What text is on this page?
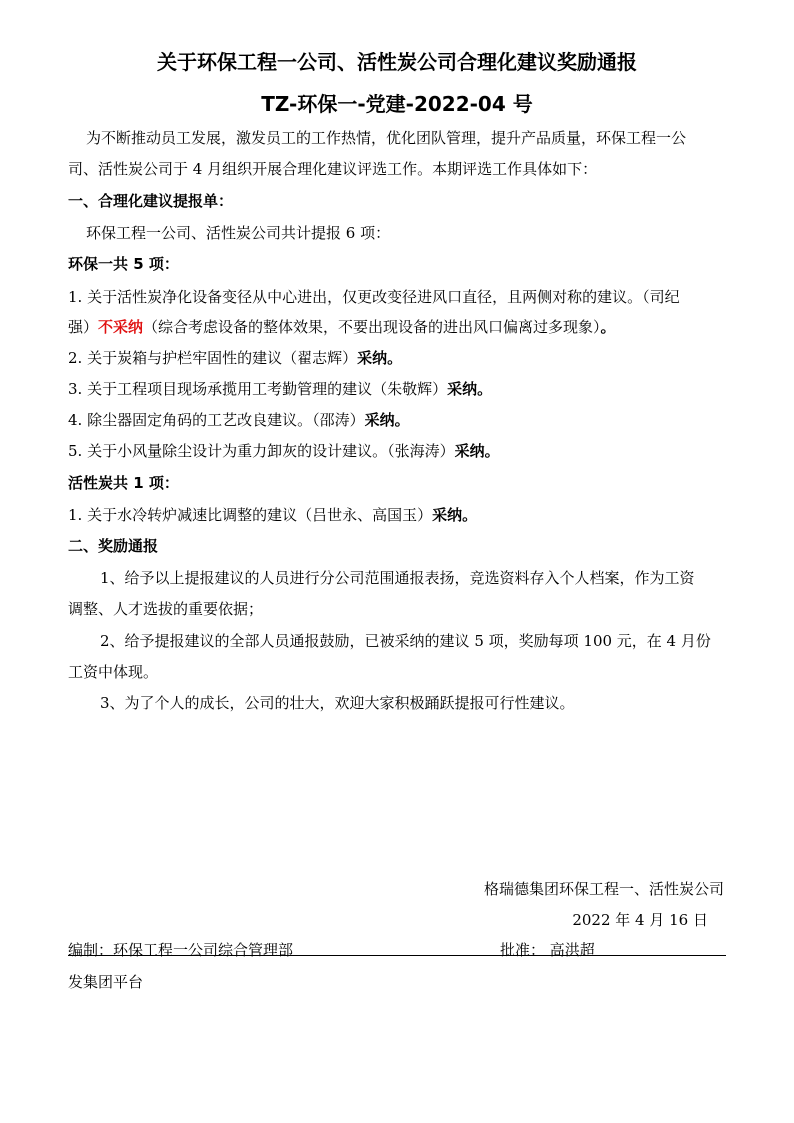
关于环保工程一公司、活性炭公司合理化建议奖励通报
TZ-环保一-党建-2022-04 号
为不断推动员工发展，激发员工的工作热情，优化团队管理，提升产品质量，环保工程一公
司、活性炭公司于 4 月组织开展合理化建议评选工作。本期评选工作具体如下：
一、合理化建议提报单：
环保工程一公司、活性炭公司共计提报 6 项：
环保一共 5 项：
1. 关于活性炭净化设备变径从中心进出，仅更改变径进风口直径，且两侧对称的建议。（司纪
强）不采纳（综合考虑设备的整体效果，不要出现设备的进出风口偏离过多现象）。
2. 关于炭箱与护栏牢固性的建议（翟志辉）采纳。
3. 关于工程项目现场承揽用工考勤管理的建议（朱敬辉）采纳。
4. 除尘器固定角码的工艺改良建议。（邵涛）采纳。
5. 关于小风量除尘设计为重力卸灰的设计建议。（张海涛）采纳。
活性炭共 1 项：
1. 关于水冷转炉减速比调整的建议（吕世永、高国玉）采纳。
二、奖励通报
1、给予以上提报建议的人员进行分公司范围通报表扬，竞选资料存入个人档案，作为工资
调整、人才选拔的重要依据；
2、给予提报建议的全部人员通报鼓励，已被采纳的建议 5 项，奖励每项 100 元，在 4 月份
工资中体现。
3、为了个人的成长，公司的壮大，欢迎大家积极踊跃提报可行性建议。
格瑞德集团环保工程一、活性炭公司
2022 年 4 月 16 日
编制：环保工程一公司综合管理部	批准： 高洪超
发集团平台
